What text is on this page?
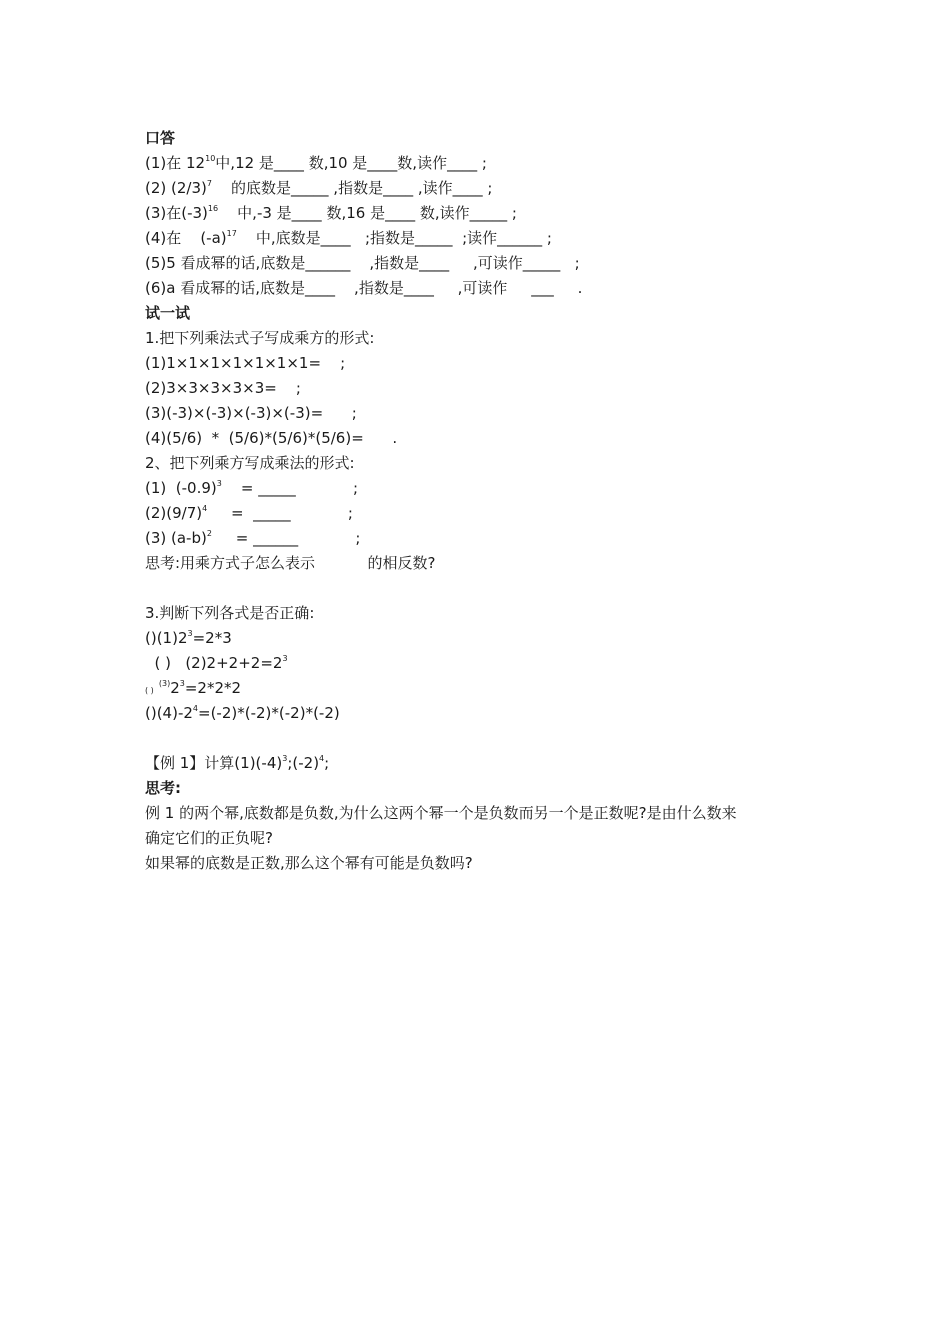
口答
(1)在 $12^{10}$中,12 是____ 数,10 是____数,读作____ ;
(2) $(2/3)^7$    的底数是_____ ,指数是____ ,读作____ ;
(3)在$(-3)^{16}$    中,-3 是____ 数,16 是____ 数,读作_____ ;
(4)在    $(-a)^{17}$    中,底数是____   ;指数是_____  ;读作______ ;
(5)5 看成幂的话,底数是______    ,指数是____     ,可读作_____   ;
(6)a 看成幂的话,底数是____    ,指数是____     ,可读作     ___     .
试一试
1.把下列乘法式子写成乘方的形式:
(1)1×1×1×1×1×1×1=    ;
(2)3×3×3×3×3=    ;
(3)(-3)×(-3)×(-3)×(-3)=      ;
(4)(5/6)  *  (5/6)*(5/6)*(5/6)=      .
2、把下列乘方写成乘法的形式:
(1)  $(-0.9)^3$    = _____            ;
$(2)(9/7)^4$     =  _____            ;
(3) $(a-b)^2$     = ______            ;
思考:用乘方式子怎么表示           的相反数?
3.判断下列各式是否正确:
$()(1)2^3=2*3$
( )   $(2)2+2+2=2^3$
( )  $^{(3)}2^3=2*2*2$
$()(4)-2^4=(-2)*(-2)*(-2)*(-2)$
【例 1】计算$(1)(-4)^3;(-2)^4$;
思考:
例 1 的两个幂,底数都是负数,为什么这两个幂一个是负数而另一个是正数呢?是由什么数来
确定它们的正负呢?
如果幂的底数是正数,那么这个幂有可能是负数吗?
